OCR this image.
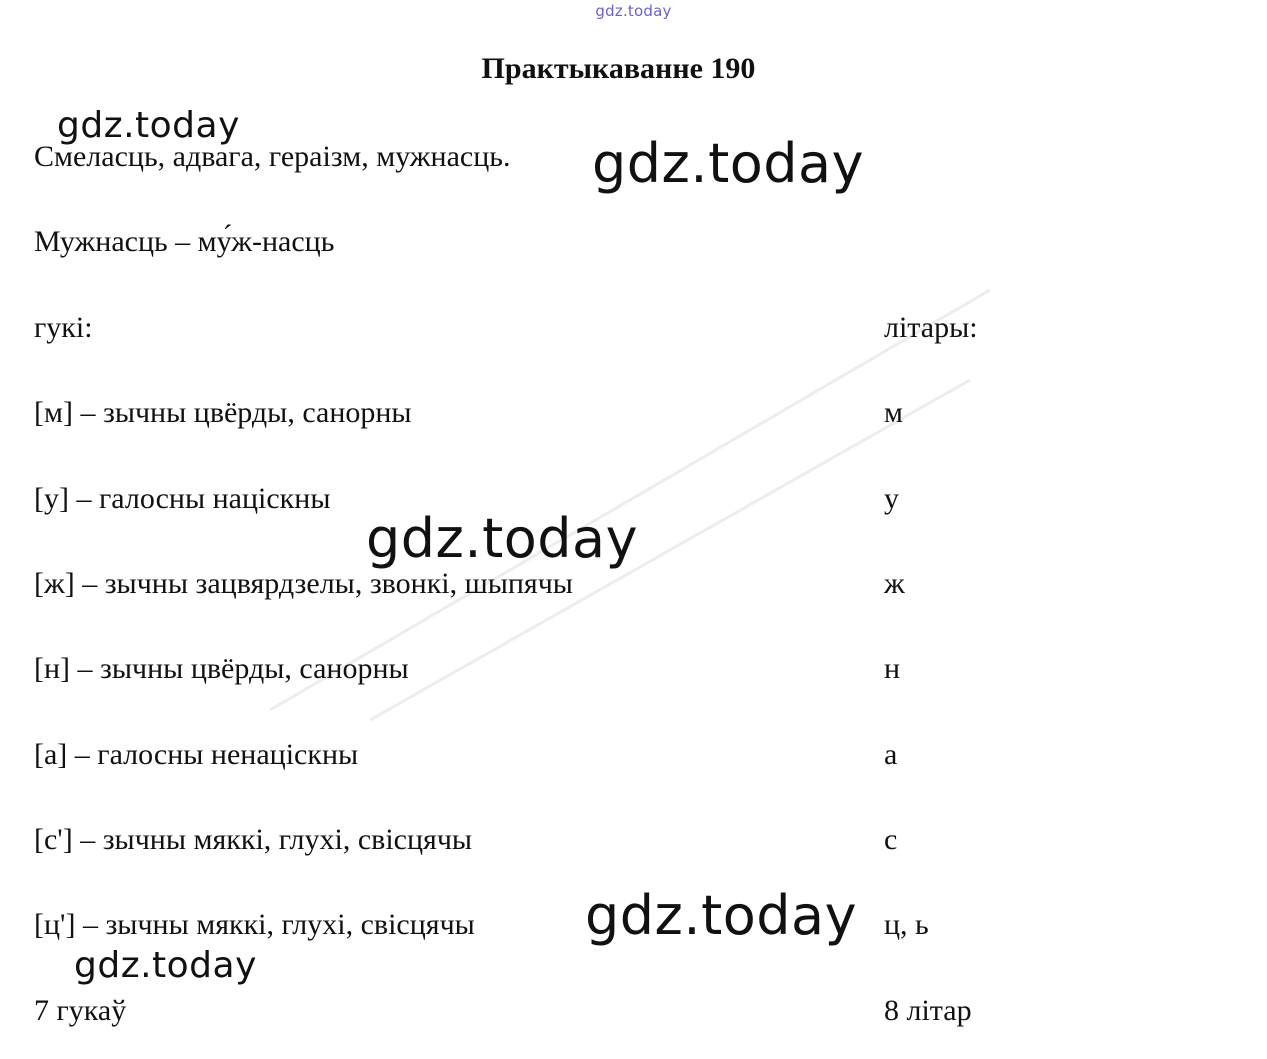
gdz.today
Практыкаванне 190
Смеласць, адвага, гераізм, мужнасць.
Мужнасць – му́ж-насць
гукі:	літары:
[м] – зычны цвёрды, санорны	м
[у] – галосны націскны	у
[ж] – зычны зацвярдзелы, звонкі, шыпячы	ж
[н] – зычны цвёрды, санорны	н
[а] – галосны ненаціскны	а
[с'] – зычны мяккі, глухі, свісцячы	с
[ц'] – зычны мяккі, глухі, свісцячы	ц, ь
7 гукаў	8 літар
gdz.today
gdz.today
gdz.today
gdz.today
gdz.today
